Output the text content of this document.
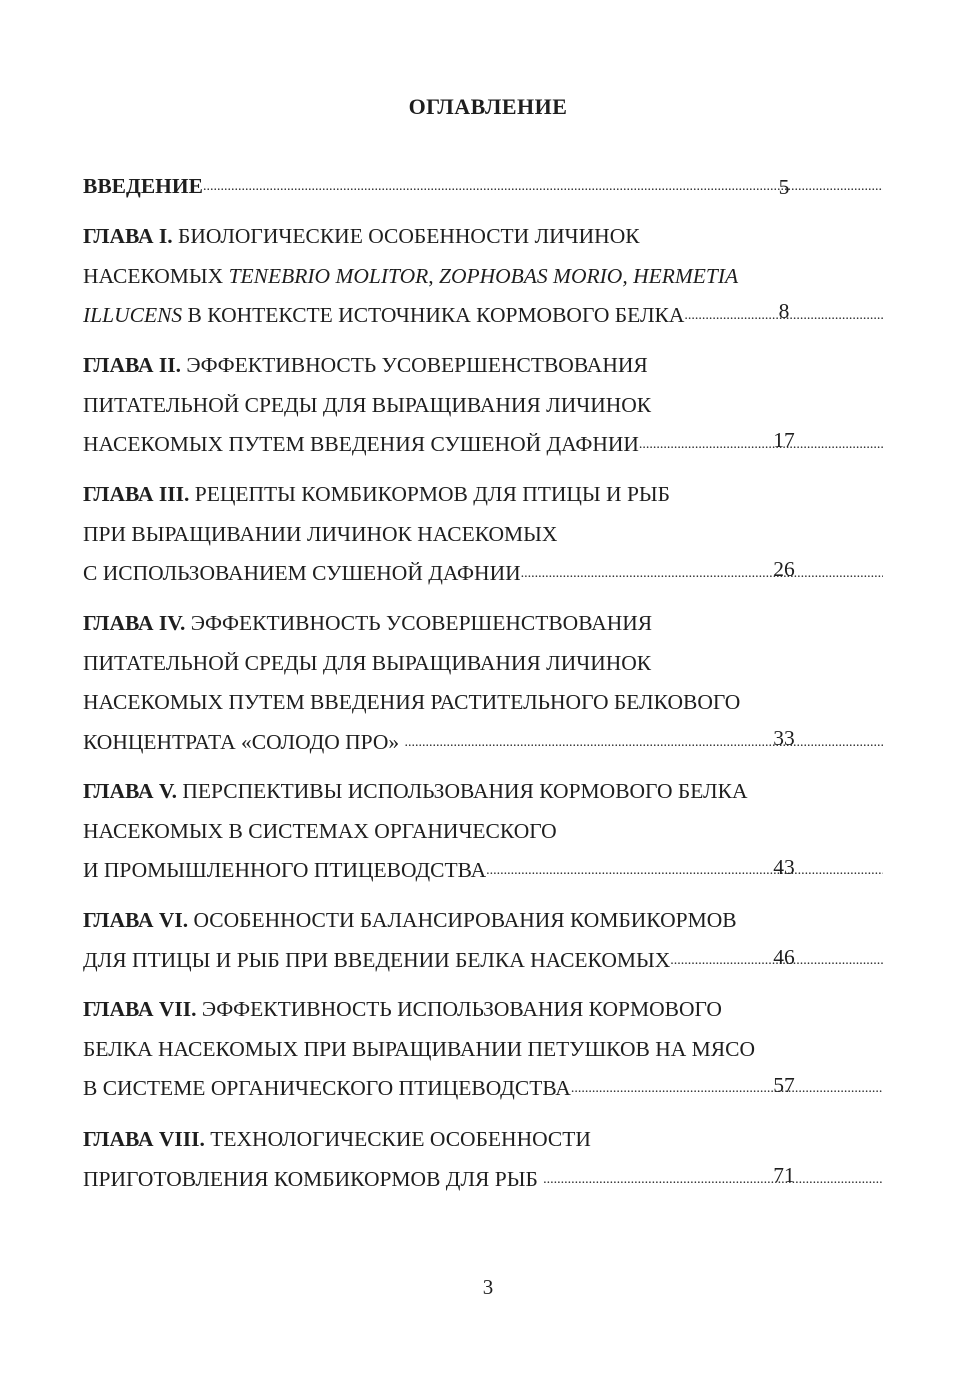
ОГЛАВЛЕНИЕ
ВВЕДЕНИЕ .....	5
ГЛАВА I. БИОЛОГИЧЕСКИЕ ОСОБЕННОСТИ ЛИЧИНОК
НАСЕКОМЫХ TENEBRIO MOLITOR, ZOPHOBAS MORIO, HERMETIA
ILLUCENS В КОНТЕКСТЕ ИСТОЧНИКА КОРМОВОГО БЕЛКА .....	8
ГЛАВА II. ЭФФЕКТИВНОСТЬ УСОВЕРШЕНСТВОВАНИЯ
ПИТАТЕЛЬНОЙ СРЕДЫ ДЛЯ ВЫРАЩИВАНИЯ ЛИЧИНОК
НАСЕКОМЫХ ПУТЕМ ВВЕДЕНИЯ СУШЕНОЙ ДАФНИИ .....	17
ГЛАВА III. РЕЦЕПТЫ КОМБИКОРМОВ ДЛЯ ПТИЦЫ И РЫБ
ПРИ ВЫРАЩИВАНИИ ЛИЧИНОК НАСЕКОМЫХ
С ИСПОЛЬЗОВАНИЕМ СУШЕНОЙ ДАФНИИ .....	26
ГЛАВА IV. ЭФФЕКТИВНОСТЬ УСОВЕРШЕНСТВОВАНИЯ
ПИТАТЕЛЬНОЙ СРЕДЫ ДЛЯ ВЫРАЩИВАНИЯ ЛИЧИНОК
НАСЕКОМЫХ ПУТЕМ ВВЕДЕНИЯ РАСТИТЕЛЬНОГО БЕЛКОВОГО
КОНЦЕНТРАТА «СОЛОДО ПРО» .....	33
ГЛАВА V. ПЕРСПЕКТИВЫ ИСПОЛЬЗОВАНИЯ КОРМОВОГО БЕЛКА
НАСЕКОМЫХ В СИСТЕМАХ ОРГАНИЧЕСКОГО
И ПРОМЫШЛЕННОГО ПТИЦЕВОДСТВА .....	43
ГЛАВА VI. ОСОБЕННОСТИ БАЛАНСИРОВАНИЯ КОМБИКОРМОВ
ДЛЯ ПТИЦЫ И РЫБ ПРИ ВВЕДЕНИИ БЕЛКА НАСЕКОМЫХ .....	46
ГЛАВА VII. ЭФФЕКТИВНОСТЬ ИСПОЛЬЗОВАНИЯ КОРМОВОГО
БЕЛКА НАСЕКОМЫХ ПРИ ВЫРАЩИВАНИИ ПЕТУШКОВ НА МЯСО
В СИСТЕМЕ ОРГАНИЧЕСКОГО ПТИЦЕВОДСТВА .....	57
ГЛАВА VIII. ТЕХНОЛОГИЧЕСКИЕ ОСОБЕННОСТИ
ПРИГОТОВЛЕНИЯ КОМБИКОРМОВ ДЛЯ РЫБ .....	71
3
